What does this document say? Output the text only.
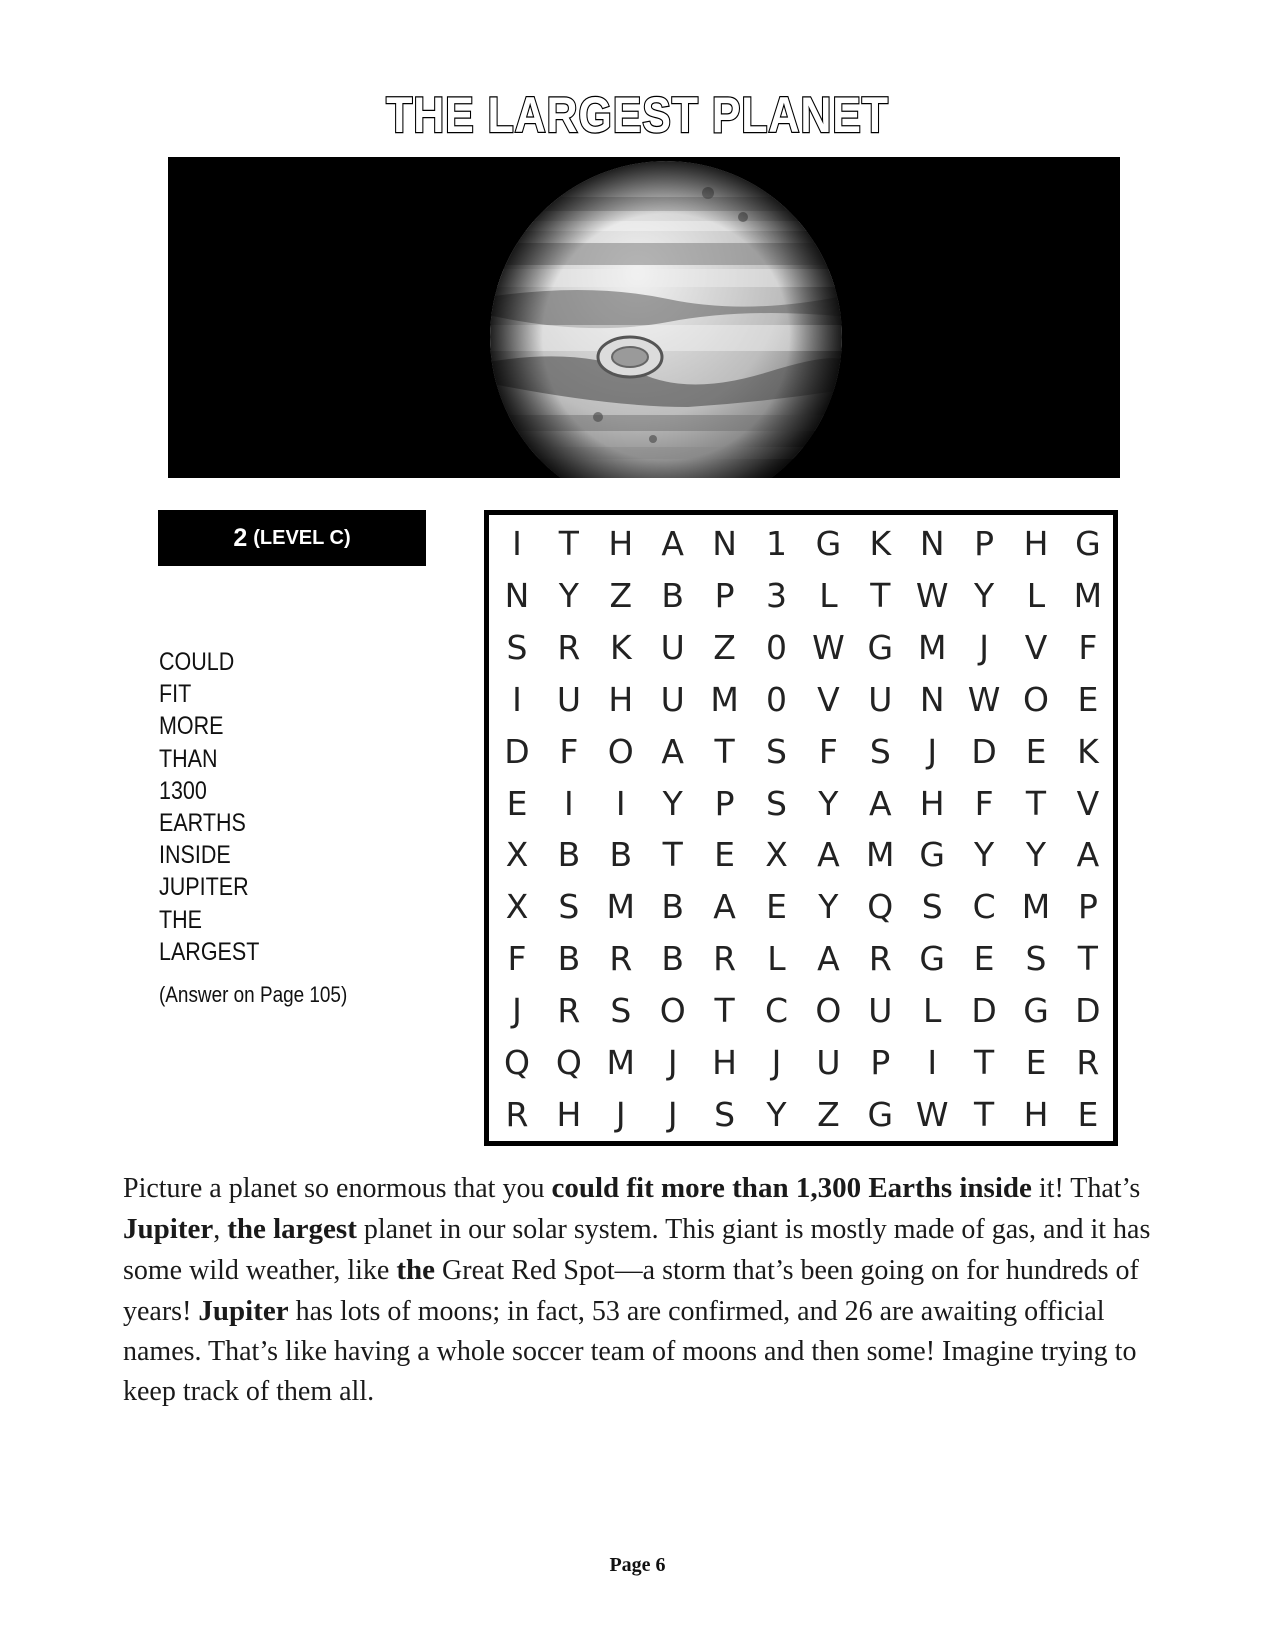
THE LARGEST PLANET
2 (LEVEL C)
COULD
FIT
MORE
THAN
1300
EARTHS
INSIDE
JUPITER
THE
LARGEST
(Answer on Page 105)
I	T H A N 1 G K N P H G
N Y Z B P 3 L T W Y L M
S R K U Z 0 W G M J	V F
I	U H U M 0 V U N W O E
D F O A T S F S	J	D E K
E	I	I	Y P S Y A H F T V
X B B T E X A M G Y Y A
X S M B A E Y Q S C M P
F B R B R L A R G E S T
J	R S O T C O U L D G D
Q Q M J	H	J	U P	I	T E R
R H	J	J	S Y Z G W T H E

Picture a planet so enormous that you could fit more than 1,300 Earths inside it! That’s Jupiter, the largest planet in our solar system. This giant is mostly made of gas, and it has some wild weather, like the Great Red Spot—a storm that’s been going on for hundreds of years! Jupiter has lots of moons; in fact, 53 are confirmed, and 26 are awaiting official names. That’s like having a whole soccer team of moons and then some! Imagine trying to keep track of them all.

Page 6
